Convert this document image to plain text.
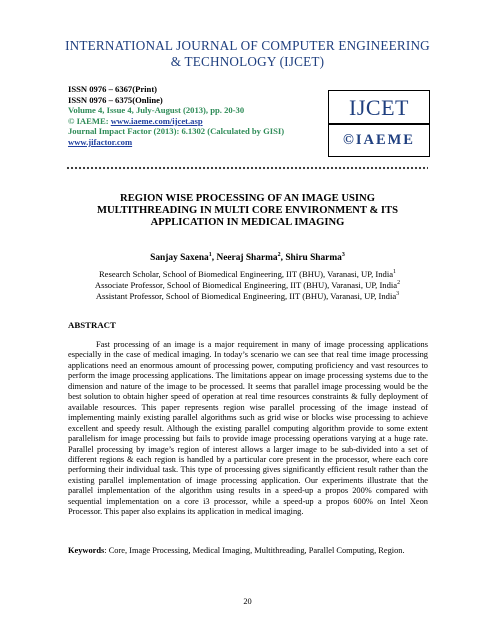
INTERNATIONAL JOURNAL OF COMPUTER ENGINEERING
& TECHNOLOGY (IJCET)
ISSN 0976 – 6367(Print)
ISSN 0976 – 6375(Online)
Volume 4, Issue 4, July-August (2013), pp. 20-30
© IAEME: www.iaeme.com/ijcet.asp
Journal Impact Factor (2013): 6.1302 (Calculated by GISI)
www.jifactor.com
IJCET
©IAEME
REGION WISE PROCESSING OF AN IMAGE USING
MULTITHREADING IN MULTI CORE ENVIRONMENT & ITS
APPLICATION IN MEDICAL IMAGING
Sanjay Saxena$^1$, Neeraj Sharma$^2$, Shiru Sharma$^3$
Research Scholar, School of Biomedical Engineering, IIT (BHU), Varanasi, UP, India$^1$
Associate Professor, School of Biomedical Engineering, IIT (BHU), Varanasi, UP, India$^2$
Assistant Professor, School of Biomedical Engineering, IIT (BHU), Varanasi, UP, India$^3$
ABSTRACT
Fast processing of an image is a major requirement in many of image processing applications especially in the case of medical imaging. In today’s scenario we can see that real time image processing applications need an enormous amount of processing power, computing proficiency and vast resources to perform the image processing applications. The limitations appear on image processing systems due to the dimension and nature of the image to be processed. It seems that parallel image processing would be the best solution to obtain higher speed of operation at real time resources constraints & fully deployment of available resources. This paper represents region wise parallel processing of the image instead of implementing mainly existing parallel algorithms such as grid wise or blocks wise processing to achieve excellent and speedy result. Although the existing parallel computing algorithm provide to some extent parallelism for image processing but fails to provide image processing operations varying at a huge rate. Parallel processing by image’s region of interest allows a larger image to be sub-divided into a set of different regions & each region is handled by a particular core present in the processor, where each core performing their individual task. This type of processing gives significantly efficient result rather than the existing parallel implementation of image processing application. Our experiments illustrate that the parallel implementation of the algorithm using results in a speed-up a propos 200% compared with sequential implementation on a core i3 processor, while a speed-up a propos 600% on Intel Xeon Processor. This paper also explains its application in medical imaging.
Keywords: Core, Image Processing, Medical Imaging, Multithreading, Parallel Computing, Region.
20
